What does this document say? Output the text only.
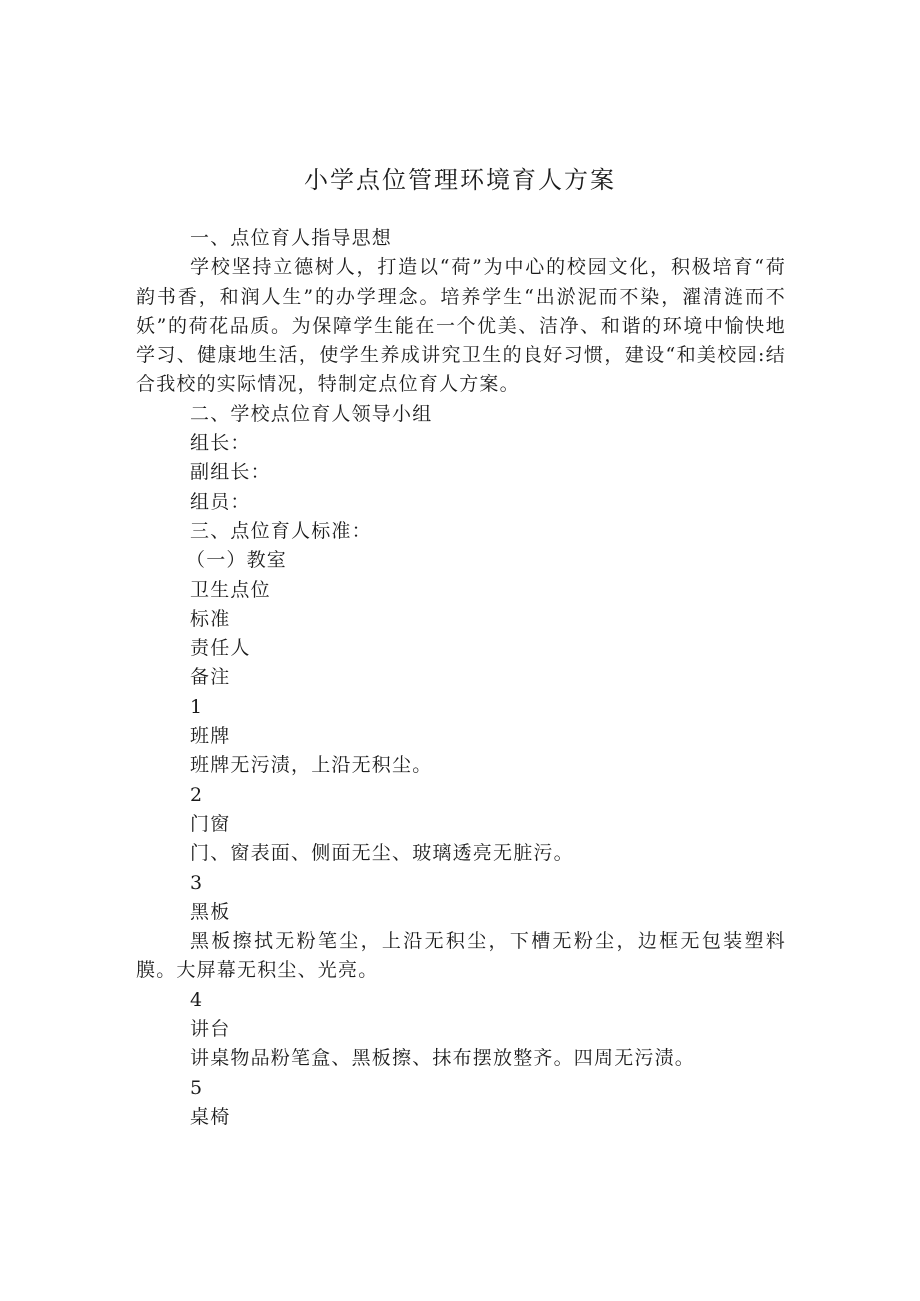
小学点位管理环境育人方案
一、点位育人指导思想

学校坚持立德树人，打造以“荷”为中心的校园文化，积极培育“荷韵书香，和润人生”的办学理念。培养学生“出淤泥而不染，濯清涟而不妖”的荷花品质。为保障学生能在一个优美、洁净、和谐的环境中愉快地学习、健康地生活，使学生养成讲究卫生的良好习惯，建设“和美校园:结合我校的实际情况，特制定点位育人方案。

二、学校点位育人领导小组
组长：
副组长：
组员：
三、点位育人标准：
（一）教室
卫生点位
标准
责任人
备注
1
班牌
班牌无污渍，上沿无积尘。
2
门窗
门、窗表面、侧面无尘、玻璃透亮无脏污。
3
黑板

黑板擦拭无粉笔尘，上沿无积尘，下槽无粉尘，边框无包装塑料膜。大屏幕无积尘、光亮。

4
讲台
讲桌物品粉笔盒、黑板擦、抹布摆放整齐。四周无污渍。
5
桌椅
